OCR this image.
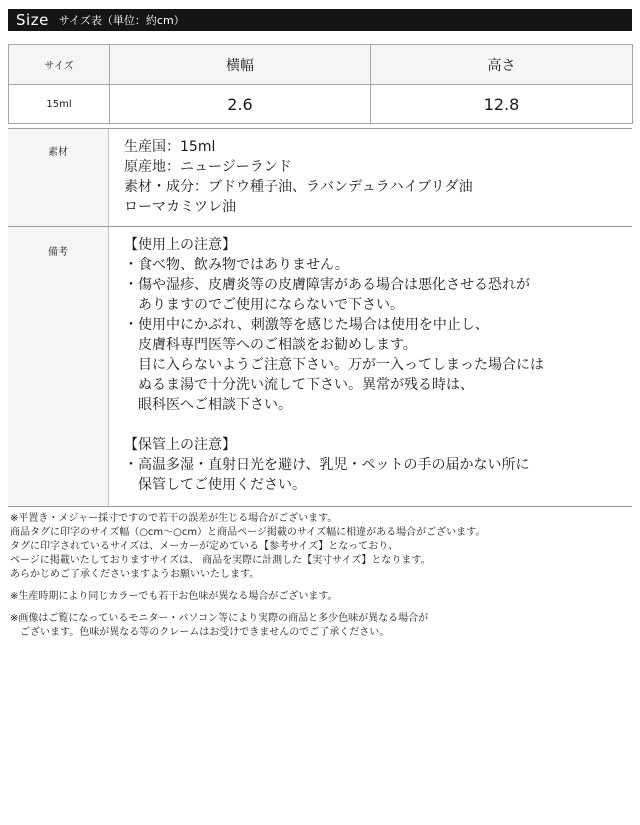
Size サイズ表（単位：約cm）
サイズ	横幅	高さ
15ml	2.6	12.8
素材	生産国：15ml
原産地：ニュージーランド
素材・成分：ブドウ種子油、ラバンデュラハイブリダ油
ローマカミツレ油
備考	【使用上の注意】
・食べ物、飲み物ではありません。
・傷や湿疹、皮膚炎等の皮膚障害がある場合は悪化させる恐れが
　ありますのでご使用にならないで下さい。
・使用中にかぶれ、刺激等を感じた場合は使用を中止し、
　皮膚科専門医等へのご相談をお勧めします。
　目に入らないようご注意下さい。万が一入ってしまった場合には
　ぬるま湯で十分洗い流して下さい。異常が残る時は、
　眼科医へご相談下さい。
【保管上の注意】
・高温多湿・直射日光を避け、乳児・ペットの手の届かない所に
　保管してご使用ください。
※平置き・メジャー採寸ですので若干の誤差が生じる場合がございます。
商品タグに印字のサイズ幅（○cm〜○cm）と商品ページ掲載のサイズ幅に相違がある場合がございます。
タグに印字されているサイズは、メーカーが定めている【参考サイズ】となっており、
ページに掲載いたしておりますサイズは、 商品を実際に計測した【実寸サイズ】となります。
あらかじめご了承くださいますようお願いいたします。
※生産時期により同じカラーでも若干お色味が異なる場合がございます。
※画像はご覧になっているモニター・パソコン等により実際の商品と多少色味が異なる場合が
　ございます。色味が異なる等のクレームはお受けできませんのでご了承ください。
